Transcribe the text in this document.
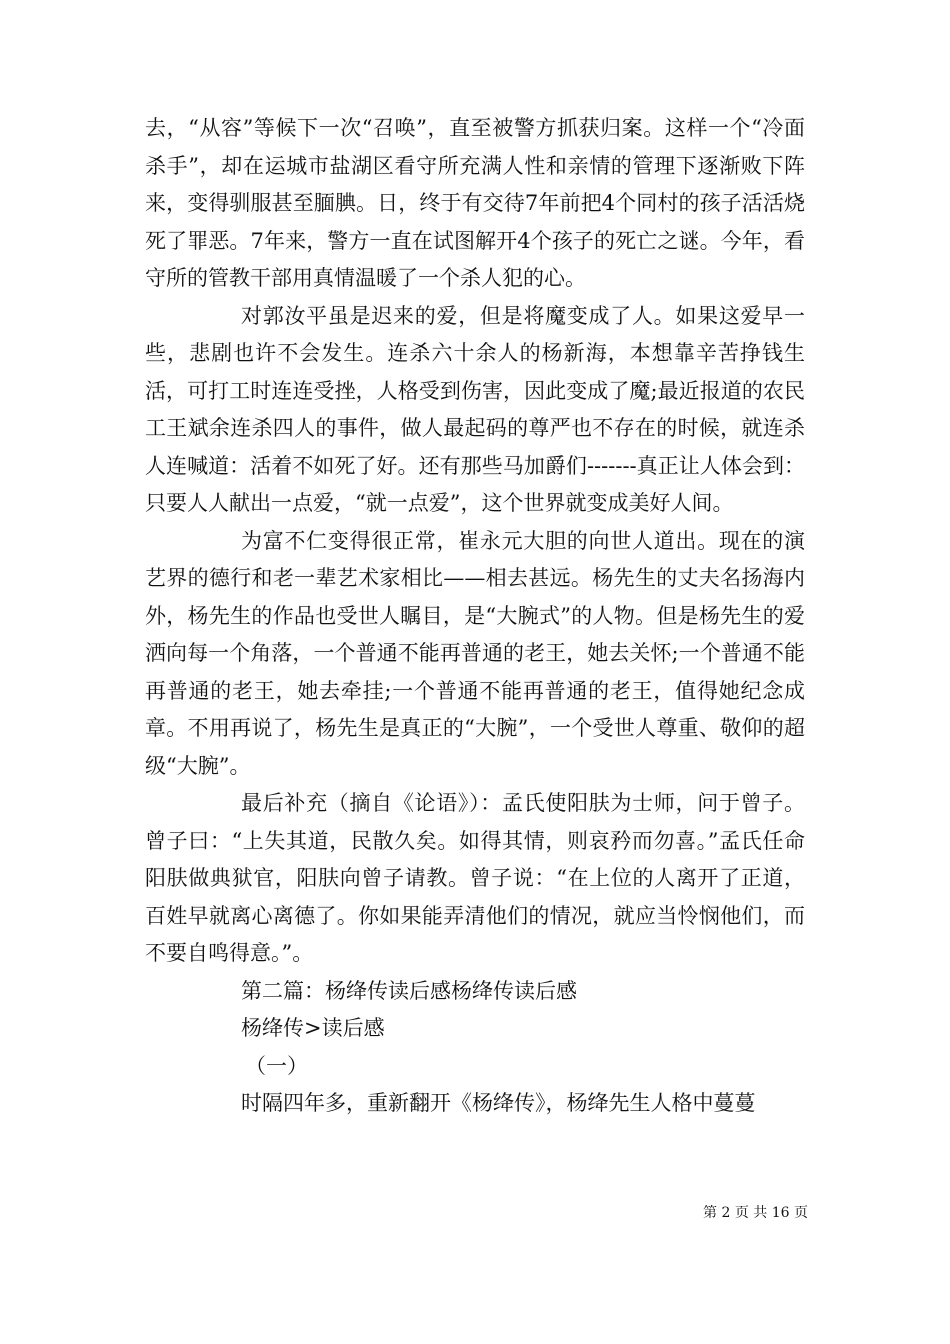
去，“从容”等候下一次“召唤”，直至被警方抓获归案。这样一个“冷面杀手”，却在运城市盐湖区看守所充满人性和亲情的管理下逐渐败下阵来，变得驯服甚至腼腆。日，终于有交待7年前把4个同村的孩子活活烧死了罪恶。7年来，警方一直在试图解开4个孩子的死亡之谜。今年，看守所的管教干部用真情温暖了一个杀人犯的心。

对郭汝平虽是迟来的爱，但是将魔变成了人。如果这爱早一些，悲剧也许不会发生。连杀六十余人的杨新海，本想靠辛苦挣钱生活，可打工时连连受挫，人格受到伤害，因此变成了魔;最近报道的农民工王斌余连杀四人的事件，做人最起码的尊严也不存在的时候，就连杀人连喊道：活着不如死了好。还有那些马加爵们-------真正让人体会到：只要人人献出一点爱，“就一点爱”，这个世界就变成美好人间。

为富不仁变得很正常，崔永元大胆的向世人道出。现在的演艺界的德行和老一辈艺术家相比——相去甚远。杨先生的丈夫名扬海内外，杨先生的作品也受世人瞩目，是“大腕式”的人物。但是杨先生的爱洒向每一个角落，一个普通不能再普通的老王，她去关怀;一个普通不能再普通的老王，她去牵挂;一个普通不能再普通的老王，值得她纪念成章。不用再说了，杨先生是真正的“大腕”，一个受世人尊重、敬仰的超级“大腕”。

最后补充（摘自《论语》）：孟氏使阳肤为士师，问于曾子。曾子曰：“上失其道，民散久矣。如得其情，则哀矜而勿喜。”孟氏任命阳肤做典狱官，阳肤向曾子请教。曾子说：“在上位的人离开了正道，百姓早就离心离德了。你如果能弄清他们的情况，就应当怜悯他们，而不要自鸣得意。”。

第二篇：杨绛传读后感杨绛传读后感

杨绛传>读后感

（一）

时隔四年多，重新翻开《杨绛传》，杨绛先生人格中蔓蔓

第 2 页 共 16 页
